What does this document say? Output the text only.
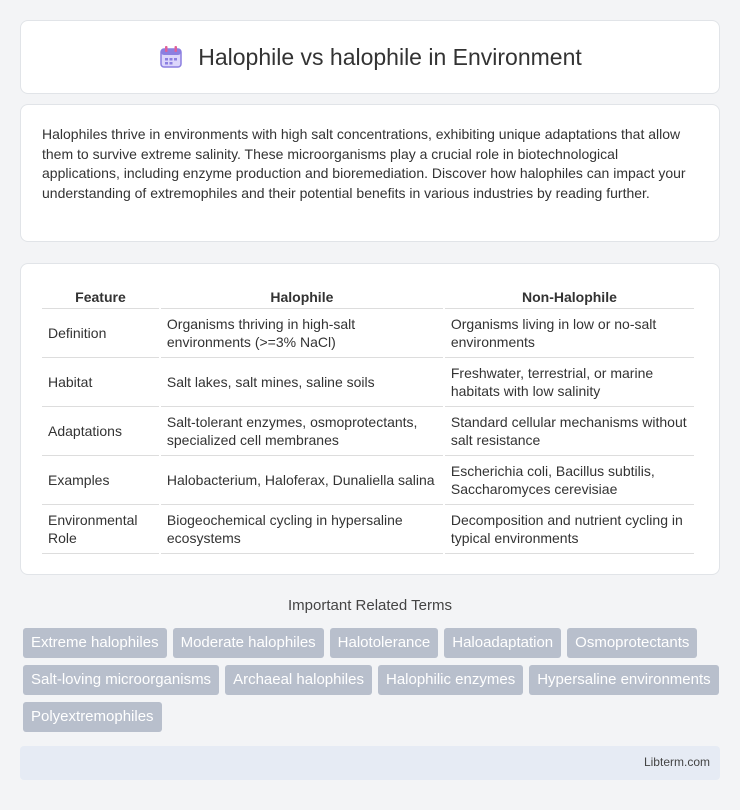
Halophile vs halophile in Environment

Halophiles thrive in environments with high salt concentrations, exhibiting unique adaptations that allow them to survive extreme salinity. These microorganisms play a crucial role in biotechnological applications, including enzyme production and bioremediation. Discover how halophiles can impact your understanding of extremophiles and their potential benefits in various industries by reading further.

Feature	Halophile	Non-Halophile
Definition	Organisms thriving in high-salt environments (>=3% NaCl)	Organisms living in low or no-salt environments
Habitat	Salt lakes, salt mines, saline soils	Freshwater, terrestrial, or marine habitats with low salinity
Adaptations	Salt-tolerant enzymes, osmoprotectants, specialized cell membranes	Standard cellular mechanisms without salt resistance
Examples	Halobacterium, Haloferax, Dunaliella salina	Escherichia coli, Bacillus subtilis, Saccharomyces cerevisiae
Environmental Role	Biogeochemical cycling in hypersaline ecosystems	Decomposition and nutrient cycling in typical environments
Important Related Terms
Extreme halophiles	Moderate halophiles	Halotolerance	Haloadaptation	Osmoprotectants
Salt-loving microorganisms	Archaeal halophiles	Halophilic enzymes	Hypersaline environments
Polyextremophiles
Libterm.com
